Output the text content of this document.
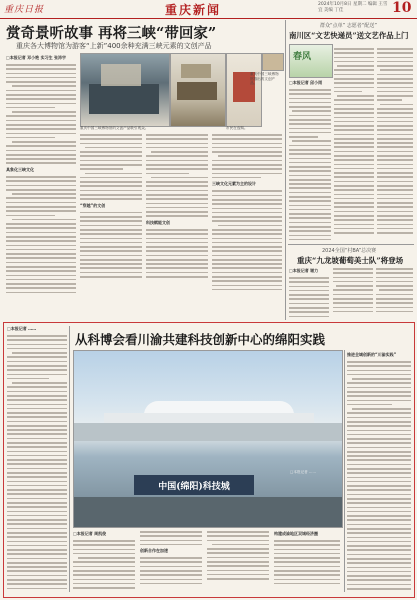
重庆日报	重庆新闻	2024年10月8日 星期二 编辑 王雪宜 美编 丁佳	10
赏奇景听故事 再将三峡“带回家”
重庆各大博物馆为游客“上新”400余种充满三峡元素的文创产品
重庆中国三峡博物馆的文创产品吸引观众。	市民在选购。
重庆中国三峡博物馆推出的文创产品。
□本报记者 邓小艳 实习生 张沛宇
具象化三峡文化
“穿越”的文创
科技赋能文创
三峡文化元素为主的设计
群众“点单” 志愿者“配送”
南川区“文艺快递员”送文艺作品上门
春风
□本报记者 邱小雨
2024全国“村BA”总决赛
重庆“九龙坡葡萄美士队”将登场
□本报记者 谢力
□本报记者 ……
从科博会看川渝共建科技创新中心的绵阳实践
中国(绵阳)科技城
□本报记者 ……
□本报记者 周凯俊
创新合作在加速
构建成渝地区双城经济圈
推进全域创新的“川渝实践”
